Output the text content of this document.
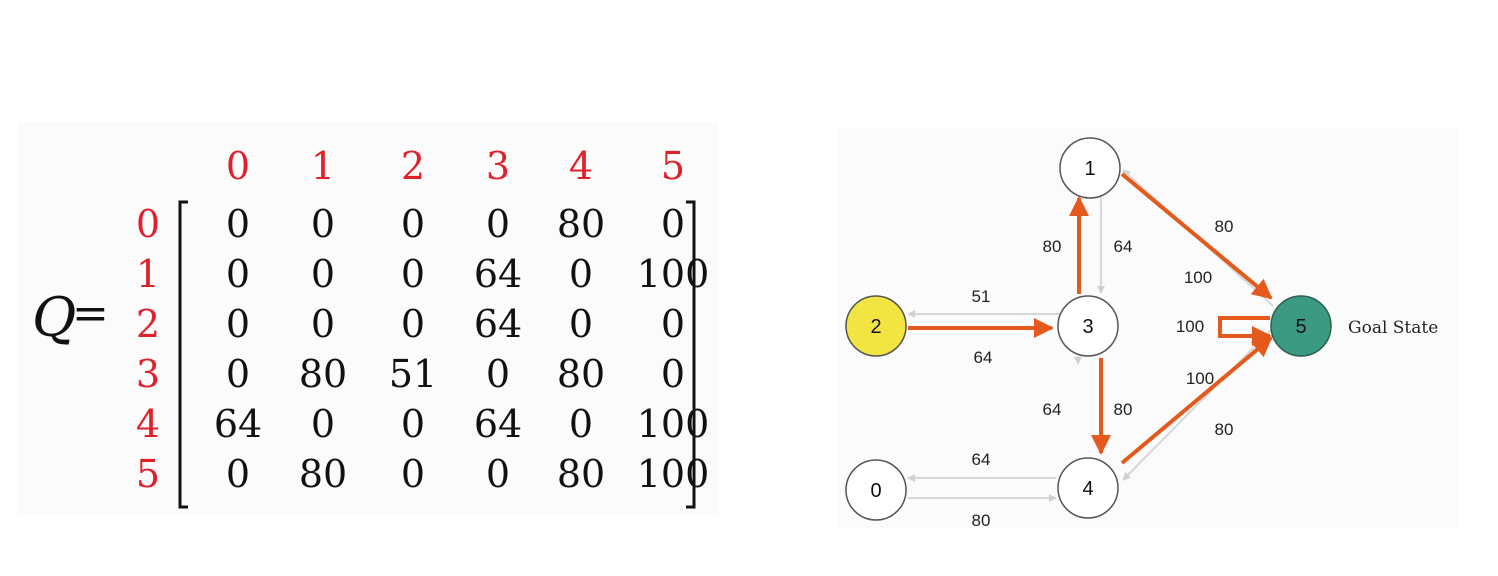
Q
=
0 1 2 3 4 5
0
1
2
3
4
5
0 0 0 0 80 0
0 0 0 64 0 100
0 0 0 64 0 0
0 80 51 0 80 0
64 0 0 64 0 100
0 80 0 0 80 100
80	64
80
100
51
64
100
64	80
100
80
64
80
1
2	3
0	4
5 Goal State
